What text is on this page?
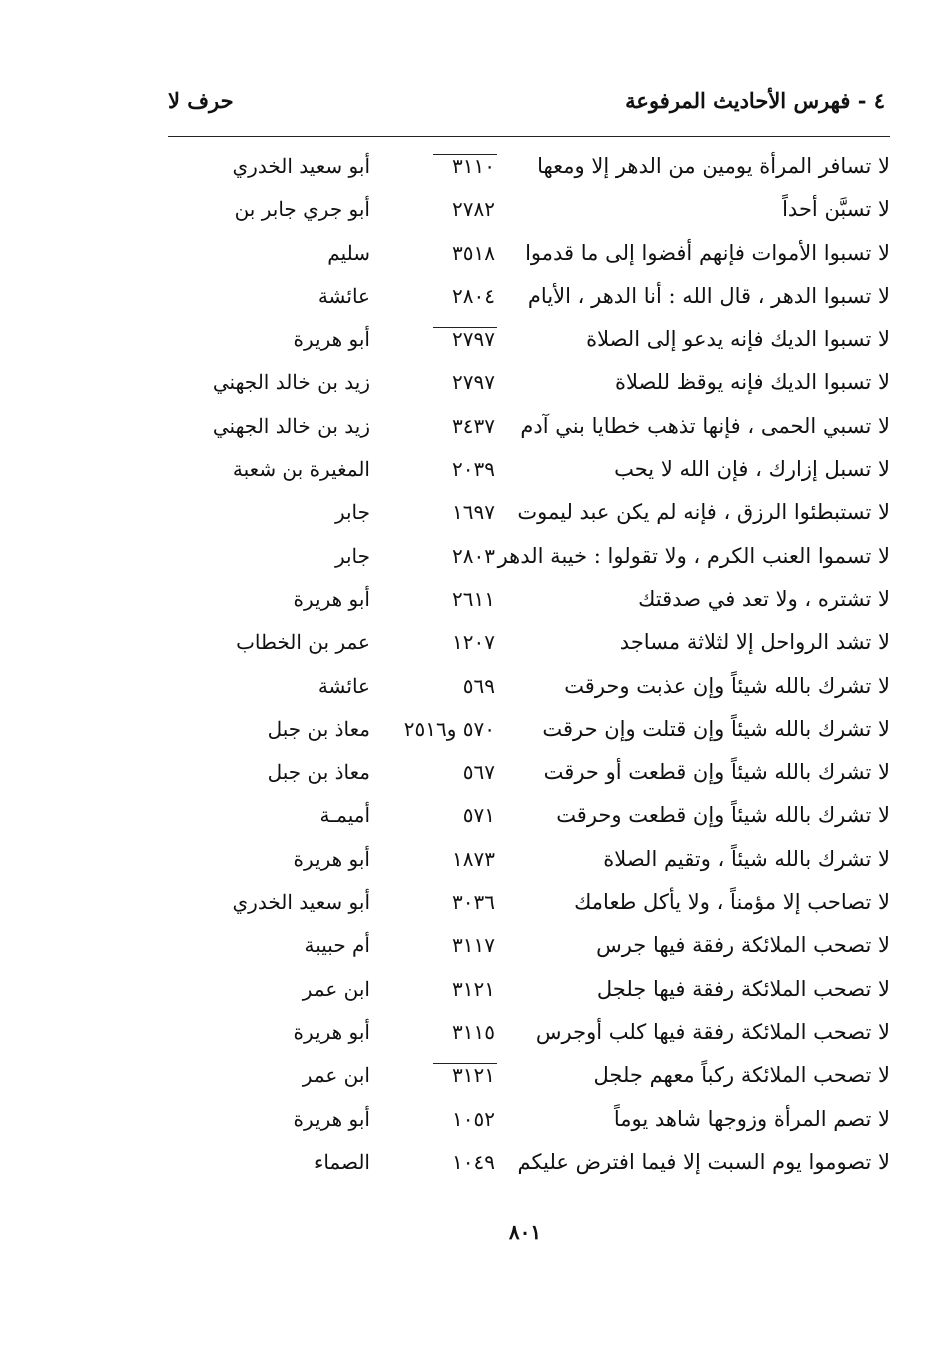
٤ - فهرس الأحاديث المرفوعة
حرف لا
لا تسافر المرأة يومين من الدهر إلا ومعها
٣١١٠
أبو سعيد الخدري
لا تسبَّن أحداً
٢٧٨٢
أبو جري جابر بن
لا تسبوا الأموات فإنهم أفضوا إلى ما قدموا
٣٥١٨
سليم
لا تسبوا الدهر ، قال الله : أنا الدهر ، الأيام
٢٨٠٤
عائشة
لا تسبوا الديك فإنه يدعو إلى الصلاة
٢٧٩٧
أبو هريرة
لا تسبوا الديك فإنه يوقظ للصلاة
٢٧٩٧
زيد بن خالد الجهني
لا تسبي الحمى ، فإنها تذهب خطايا بني آدم
٣٤٣٧
زيد بن خالد الجهني
لا تسبل إزارك ، فإن الله لا يحب
٢٠٣٩
المغيرة بن شعبة
لا تستبطئوا الرزق ، فإنه لم يكن عبد ليموت
١٦٩٧
جابر
لا تسموا العنب الكرم ، ولا تقولوا : خيبة الدهر
٢٨٠٣
جابر
لا تشتره ، ولا تعد في صدقتك
٢٦١١
أبو هريرة
لا تشد الرواحل إلا لثلاثة مساجد
١٢٠٧
عمر بن الخطاب
لا تشرك بالله شيئاً وإن عذبت وحرقت
٥٦٩
عائشة
لا تشرك بالله شيئاً وإن قتلت وإن حرقت
٥٧٠ و٢٥١٦
معاذ بن جبل
لا تشرك بالله شيئاً وإن قطعت أو حرقت
٥٦٧
معاذ بن جبل
لا تشرك بالله شيئاً وإن قطعت وحرقت
٥٧١
أميمـة
لا تشرك بالله شيئاً ، وتقيم الصلاة
١٨٧٣
أبو هريرة
لا تصاحب إلا مؤمناً ، ولا يأكل طعامك
٣٠٣٦
أبو سعيد الخدري
لا تصحب الملائكة رفقة فيها جرس
٣١١٧
أم حبيبة
لا تصحب الملائكة رفقة فيها جلجل
٣١٢١
ابن عمر
لا تصحب الملائكة رفقة فيها كلب أوجرس
٣١١٥
أبو هريرة
لا تصحب الملائكة ركباً معهم جلجل
٣١٢١
ابن عمر
لا تصم المرأة وزوجها شاهد يوماً
١٠٥٢
أبو هريرة
لا تصوموا يوم السبت إلا فيما افترض عليكم
١٠٤٩
الصماء
٨٠١
